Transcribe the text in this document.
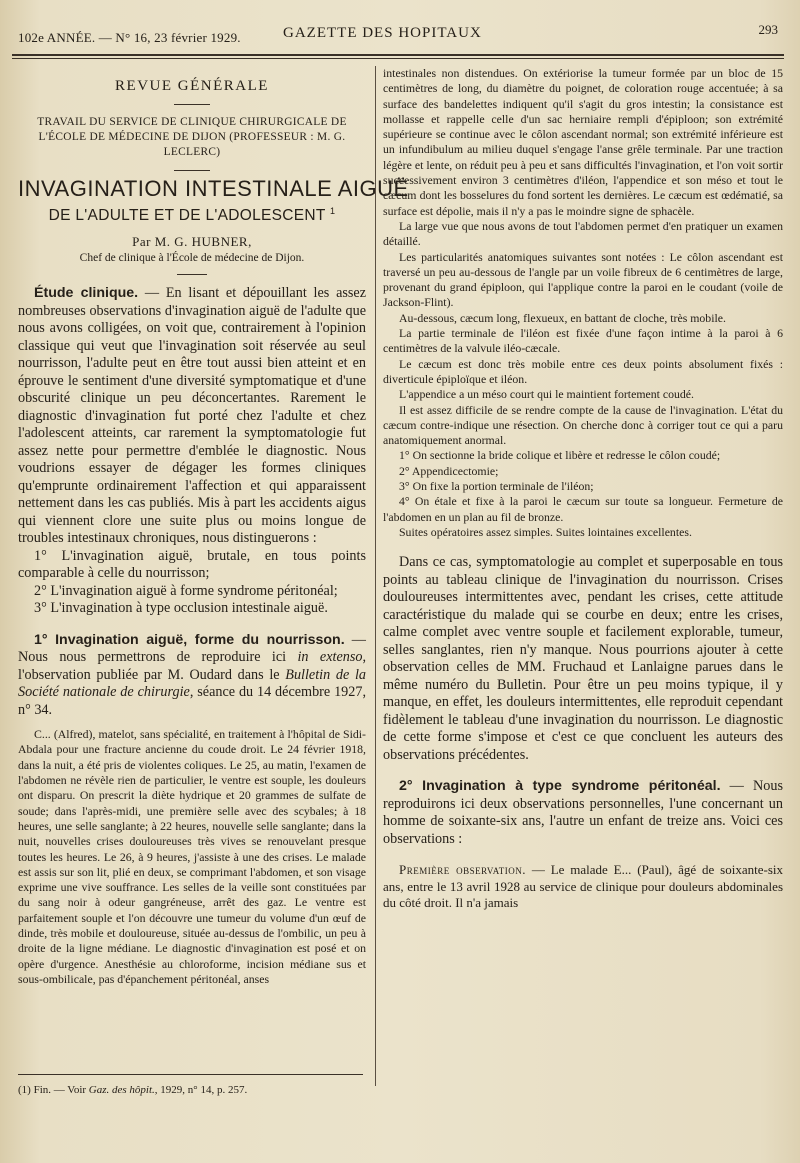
102e ANNÉE. — N° 16, 23 février 1929.	GAZETTE DES HOPITAUX	293
REVUE GÉNÉRALE
TRAVAIL DU SERVICE DE CLINIQUE CHIRURGICALE DE L'ÉCOLE DE MÉDECINE DE DIJON (PROFESSEUR : M. G. LECLERC)
INVAGINATION INTESTINALE AIGUË
DE L'ADULTE ET DE L'ADOLESCENT $^1$
Par M. G. HUBNER,
Chef de clinique à l'École de médecine de Dijon.

Étude clinique. — En lisant et dépouillant les assez nombreuses observations d'invagination aiguë de l'adulte que nous avons colligées, on voit que, contrairement à l'opinion classique qui veut que l'invagination soit réservée au seul nourrisson, l'adulte peut en être tout aussi bien atteint et en éprouve le sentiment d'une diversité symptomatique et d'une obscurité clinique un peu déconcertantes. Rarement le diagnostic d'invagination fut porté chez l'adulte et chez l'adolescent atteints, car rarement la symptomatologie fut assez nette pour permettre d'emblée le diagnostic. Nous voudrions essayer de dégager les formes cliniques qu'emprunte ordinairement l'affection et qui apparaissent nettement dans les cas publiés. Mis à part les accidents aigus qui viennent clore une suite plus ou moins longue de troubles intestinaux chroniques, nous distinguerons :

1° L'invagination aiguë, brutale, en tous points comparable à celle du nourrisson;

2° L'invagination aiguë à forme syndrome péritonéal;

3° L'invagination à type occlusion intestinale aiguë.

1° Invagination aiguë, forme du nourrisson. — Nous nous permettrons de reproduire ici in extenso, l'observation publiée par M. Oudard dans le Bulletin de la Société nationale de chirurgie, séance du 14 décembre 1927, n° 34.

C... (Alfred), matelot, sans spécialité, en traitement à l'hôpital de Sidi-Abdala pour une fracture ancienne du coude droit. Le 24 février 1918, dans la nuit, a été pris de violentes coliques. Le 25, au matin, l'examen de l'abdomen ne révèle rien de particulier, le ventre est souple, les douleurs ont disparu. On prescrit la diète hydrique et 20 grammes de sulfate de soude; dans l'après-midi, une première selle avec des scybales; à 18 heures, une selle sanglante; à 22 heures, nouvelle selle sanglante; dans la nuit, nouvelles crises douloureuses très vives se renouvelant presque toutes les heures. Le 26, à 9 heures, j'assiste à une des crises. Le malade est assis sur son lit, plié en deux, se comprimant l'abdomen, et son visage exprime une vive souffrance. Les selles de la veille sont constituées par du sang noir à odeur gangréneuse, arrêt des gaz. Le ventre est parfaitement souple et l'on découvre une tumeur du volume d'un œuf de dinde, très mobile et douloureuse, située au-dessus de l'ombilic, un peu à droite de la ligne médiane. Le diagnostic d'invagination est posé et on opère d'urgence. Anesthésie au chloroforme, incision médiane sus et sous-ombilicale, pas d'épanchement péritonéal, anses

(1) Fin. — Voir Gaz. des hôpit., 1929, n° 14, p. 257.

intestinales non distendues. On extériorise la tumeur formée par un bloc de 15 centimètres de long, du diamètre du poignet, de coloration rouge accentuée; à sa surface des bandelettes indiquent qu'il s'agit du gros intestin; la consistance est mollasse et rappelle celle d'un sac herniaire rempli d'épiploon; son extrémité supérieure se continue avec le côlon ascendant normal; son extrémité inférieure est un infundibulum au milieu duquel s'engage l'anse grêle terminale. Par une traction légère et lente, on réduit peu à peu et sans difficultés l'invagination, et l'on voit sortir successivement environ 3 centimètres d'iléon, l'appendice et son méso et tout le cæcum dont les bosselures du fond sortent les dernières. Le cæcum est œdématié, sa surface est dépolie, mais il n'y a pas le moindre signe de sphacèle.

La large vue que nous avons de tout l'abdomen permet d'en pratiquer un examen détaillé.

Les particularités anatomiques suivantes sont notées : Le côlon ascendant est traversé un peu au-dessous de l'angle par un voile fibreux de 6 centimètres de large, provenant du grand épiploon, qui l'applique contre la paroi en le coudant (voile de Jackson-Flint).

Au-dessous, cæcum long, flexueux, en battant de cloche, très mobile.

La partie terminale de l'iléon est fixée d'une façon intime à la paroi à 6 centimètres de la valvule iléo-cæcale.

Le cæcum est donc très mobile entre ces deux points absolument fixés : diverticule épiploïque et iléon.

L'appendice a un méso court qui le maintient fortement coudé.

Il est assez difficile de se rendre compte de la cause de l'invagination. L'état du cæcum contre-indique une résection. On cherche donc à corriger tout ce qui a paru anatomiquement anormal.

1° On sectionne la bride colique et libère et redresse le côlon coudé;

2° Appendicectomie;

3° On fixe la portion terminale de l'iléon;

4° On étale et fixe à la paroi le cæcum sur toute sa longueur. Fermeture de l'abdomen en un plan au fil de bronze.

Suites opératoires assez simples. Suites lointaines excellentes.

Dans ce cas, symptomatologie au complet et superposable en tous points au tableau clinique de l'invagination du nourrisson. Crises douloureuses intermittentes avec, pendant les crises, cette attitude caractéristique du malade qui se courbe en deux; entre les crises, calme complet avec ventre souple et facilement explorable, tumeur, selles sanglantes, rien n'y manque. Nous pourrions ajouter à cette observation celles de MM. Fruchaud et Lanlaigne parues dans le même numéro du Bulletin. Pour être un peu moins typique, il y manque, en effet, les douleurs intermittentes, elle reproduit cependant fidèlement le tableau d'une invagination du nourrisson. Le diagnostic de cette forme s'impose et c'est ce que concluent les auteurs des observations précédentes.

2° Invagination à type syndrome péritonéal. — Nous reproduirons ici deux observations personnelles, l'une concernant un homme de soixante-six ans, l'autre un enfant de treize ans. Voici ces observations :

Première observation. — Le malade E... (Paul), âgé de soixante-six ans, entre le 13 avril 1928 au service de clinique pour douleurs abdominales du côté droit. Il n'a jamais
